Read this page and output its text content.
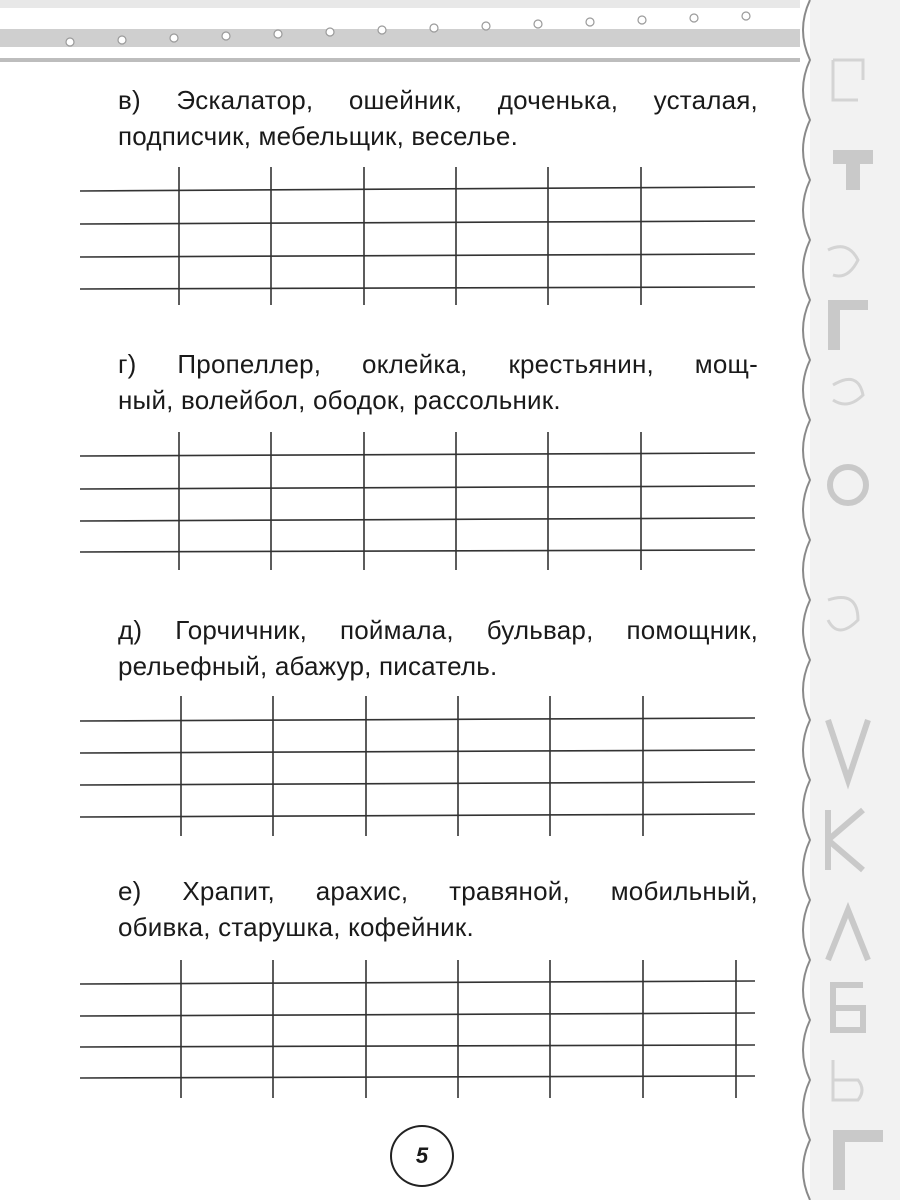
в) Эскалатор, ошейник, доченька, усталая,

подписчик, мебельщик, веселье.

г) Пропеллер, оклейка, крестьянин, мощ-

ный, волейбол, ободок, рассольник.

д) Горчичник, поймала, бульвар, помощник,

рельефный, абажур, писатель.

е) Храпит, арахис, травяной, мобильный,

обивка, старушка, кофейник.

5
